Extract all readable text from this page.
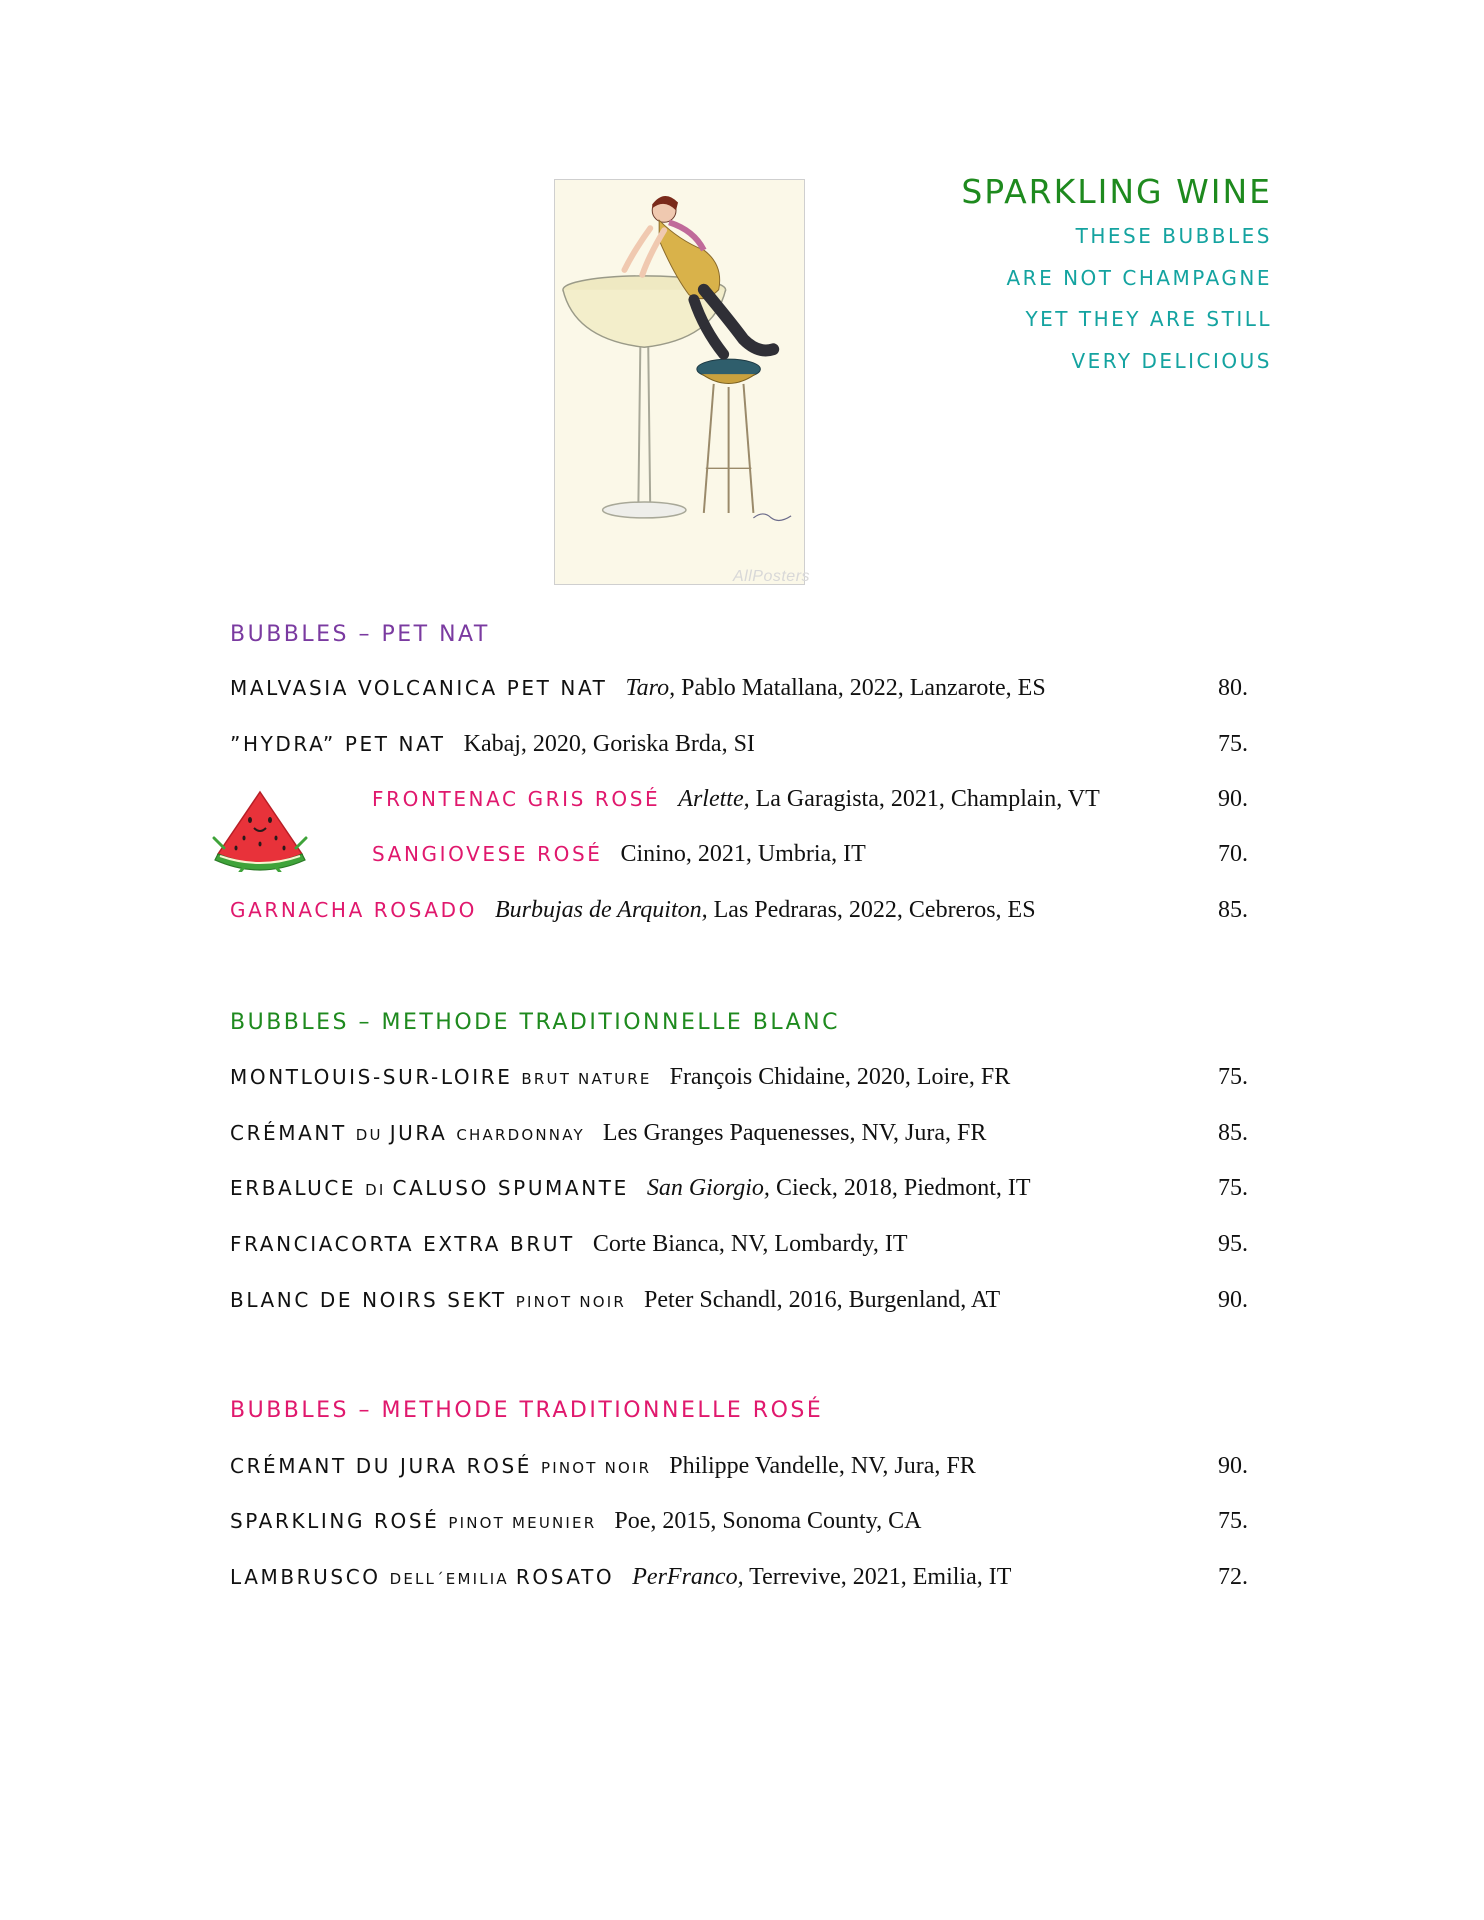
AllPosters
SPARKLING WINE
THESE BUBBLES
ARE NOT CHAMPAGNE
YET THEY ARE STILL
VERY DELICIOUS
BUBBLES – PET NAT
MALVASIA VOLCANICA PET NAT Taro, Pablo Matallana, 2022, Lanzarote, ES	80.
”HYDRA” PET NAT Kabaj, 2020, Goriska Brda, SI	75.
FRONTENAC GRIS ROSÉ Arlette, La Garagista, 2021, Champlain, VT	90.
SANGIOVESE ROSÉ Cinino, 2021, Umbria, IT	70.
GARNACHA ROSADO Burbujas de Arquiton, Las Pedraras, 2022, Cebreros, ES	85.
BUBBLES – METHODE TRADITIONNELLE BLANC
MONTLOUIS-SUR-LOIRE BRUT NATURE François Chidaine, 2020, Loire, FR	75.
CRÉMANT DU JURA CHARDONNAY Les Granges Paquenesses, NV, Jura, FR	85.
ERBALUCE DI CALUSO SPUMANTE San Giorgio, Cieck, 2018, Piedmont, IT	75.
FRANCIACORTA EXTRA BRUT Corte Bianca, NV, Lombardy, IT	95.
BLANC DE NOIRS SEKT PINOT NOIR Peter Schandl, 2016, Burgenland, AT	90.
BUBBLES – METHODE TRADITIONNELLE ROSÉ
CRÉMANT DU JURA ROSÉ PINOT NOIR Philippe Vandelle, NV, Jura, FR	90.
SPARKLING ROSÉ PINOT MEUNIER Poe, 2015, Sonoma County, CA	75.
LAMBRUSCO DELL´EMILIA ROSATO PerFranco, Terrevive, 2021, Emilia, IT	72.
